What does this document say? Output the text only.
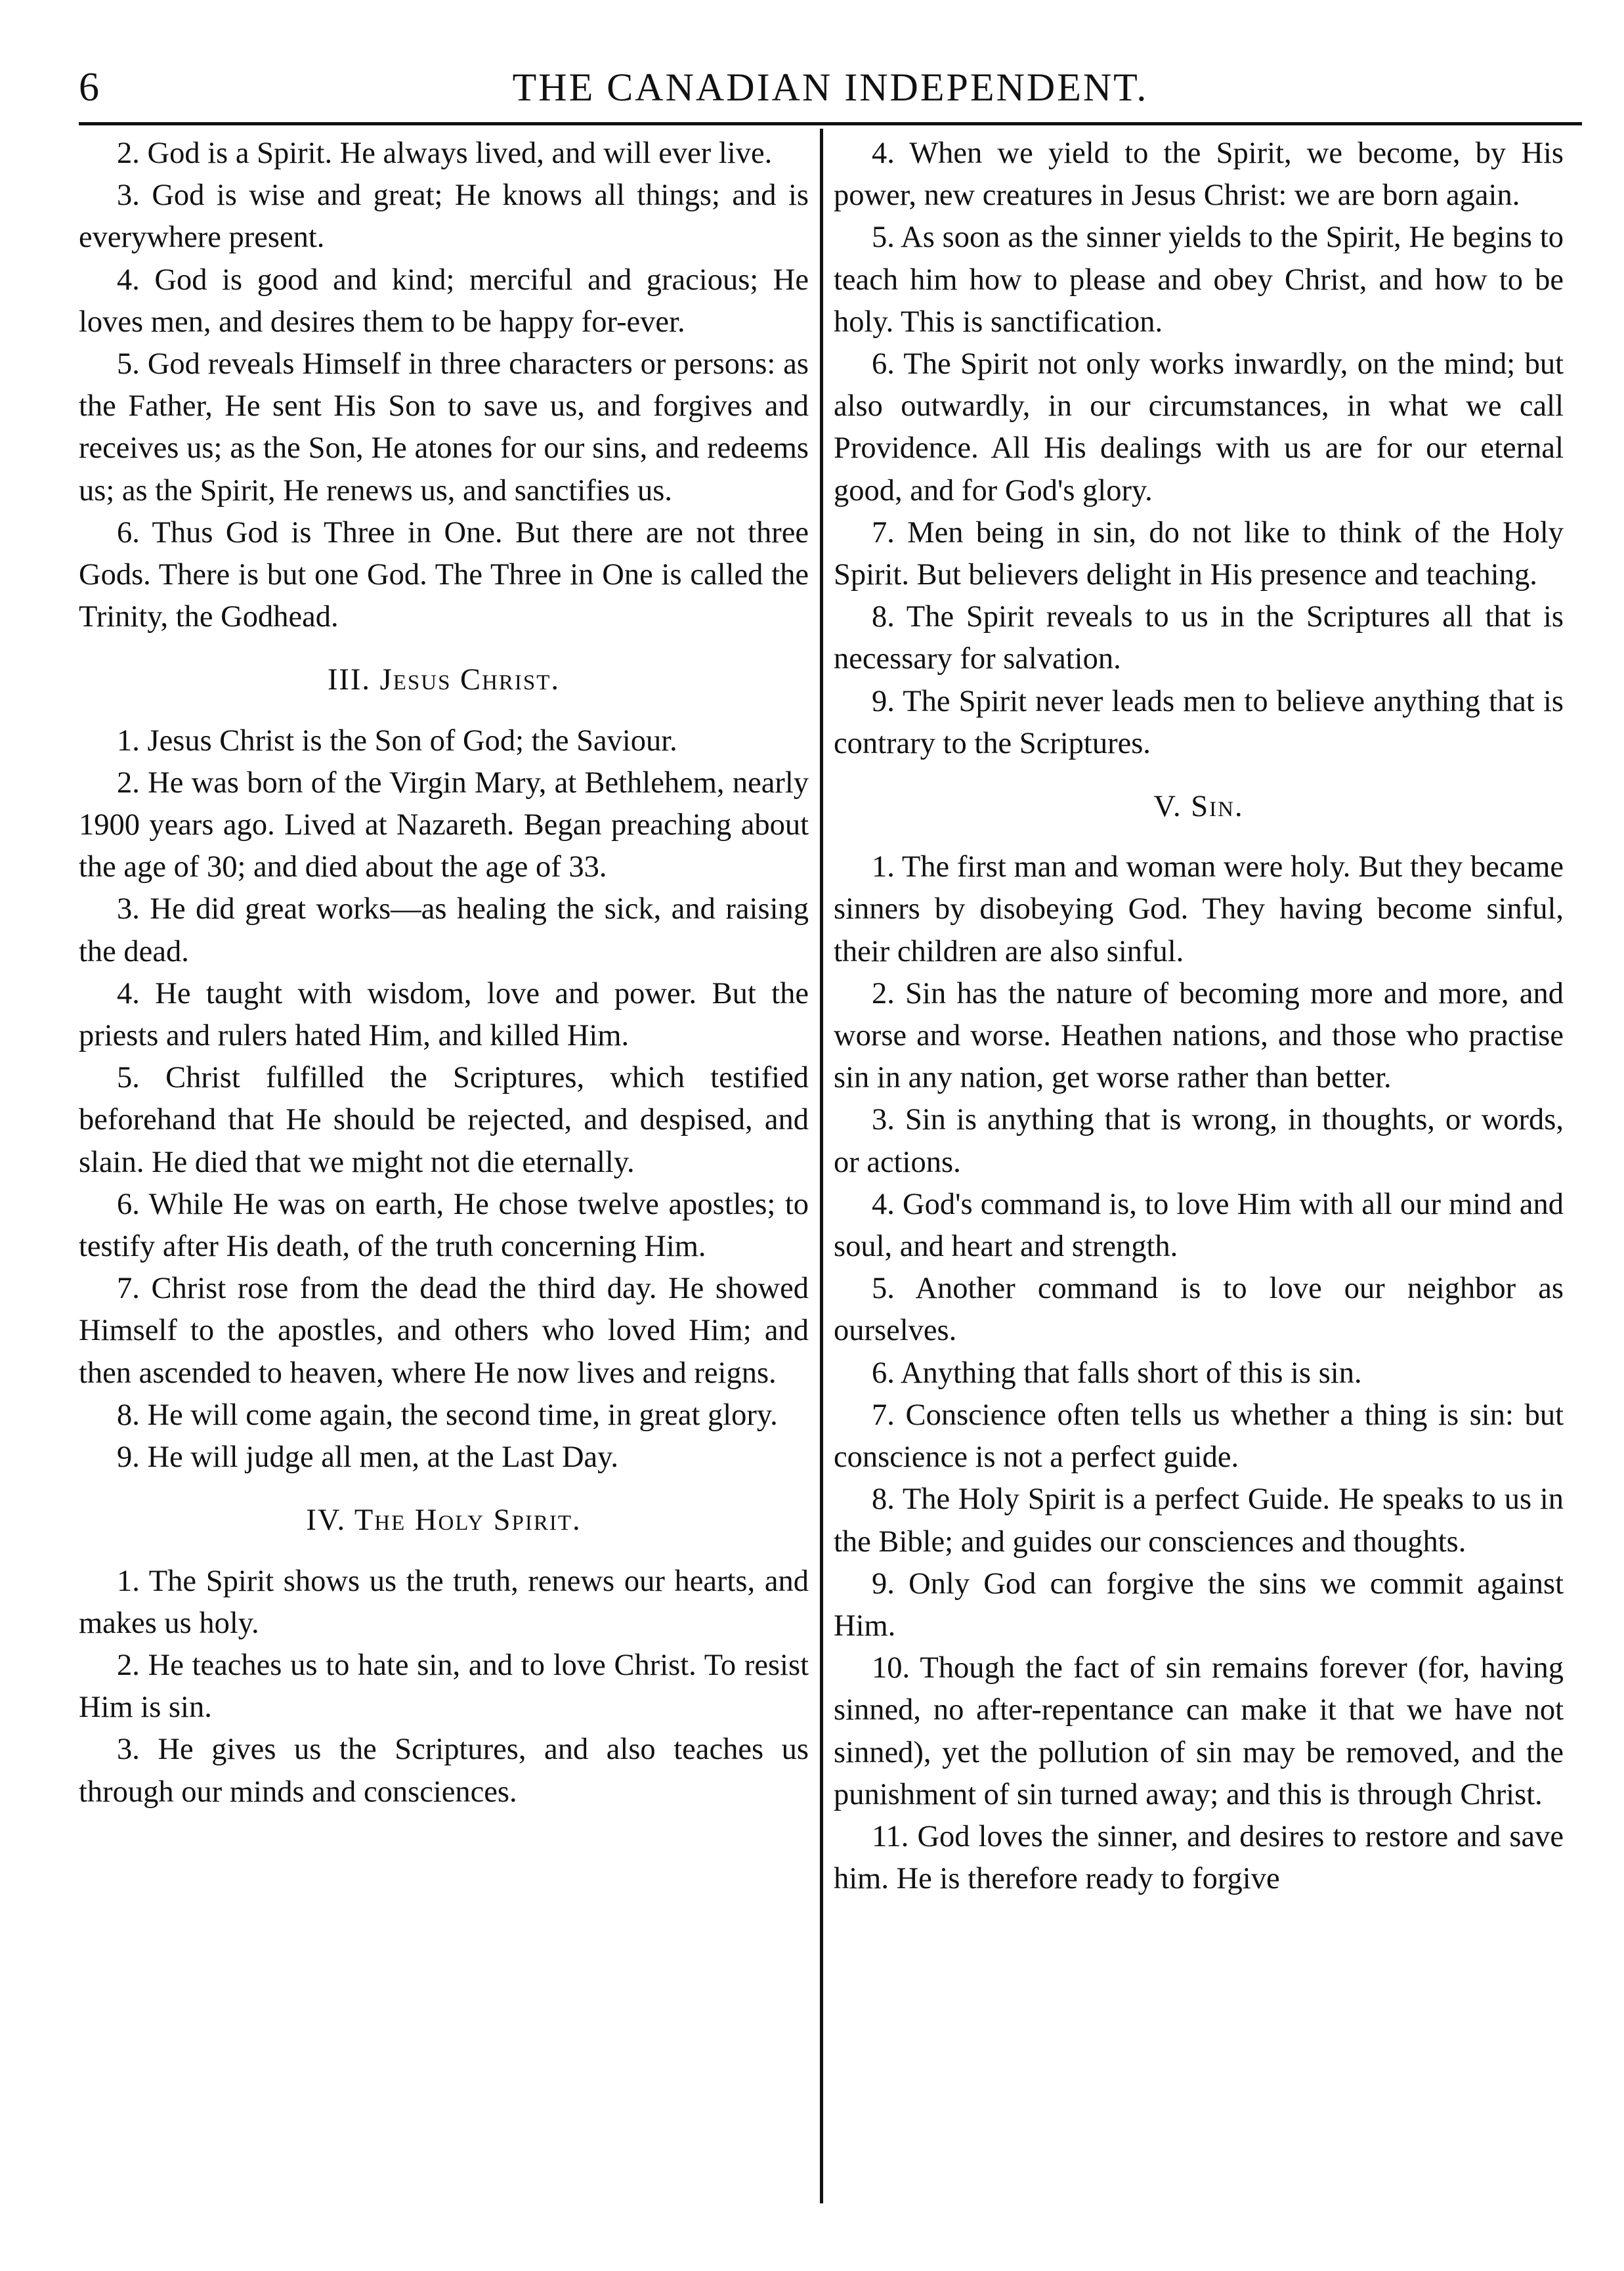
6	THE CANADIAN INDEPENDENT.

2. God is a Spirit. He always lived, and will ever live.

3. God is wise and great; He knows all things; and is everywhere present.

4. God is good and kind; merciful and gracious; He loves men, and desires them to be happy for-ever.

5. God reveals Himself in three characters or persons: as the Father, He sent His Son to save us, and forgives and receives us; as the Son, He atones for our sins, and redeems us; as the Spirit, He renews us, and sanctifies us.

6. Thus God is Three in One. But there are not three Gods. There is but one God. The Three in One is called the Trinity, the Godhead.

III. Jesus Christ.

1. Jesus Christ is the Son of God; the Saviour.

2. He was born of the Virgin Mary, at Bethlehem, nearly 1900 years ago. Lived at Nazareth. Began preaching about the age of 30; and died about the age of 33.

3. He did great works—as healing the sick, and raising the dead.

4. He taught with wisdom, love and power. But the priests and rulers hated Him, and killed Him.

5. Christ fulfilled the Scriptures, which testified beforehand that He should be rejected, and despised, and slain. He died that we might not die eternally.

6. While He was on earth, He chose twelve apostles; to testify after His death, of the truth concerning Him.

7. Christ rose from the dead the third day. He showed Himself to the apostles, and others who loved Him; and then ascended to heaven, where He now lives and reigns.

8. He will come again, the second time, in great glory.

9. He will judge all men, at the Last Day.

IV. The Holy Spirit.

1. The Spirit shows us the truth, renews our hearts, and makes us holy.

2. He teaches us to hate sin, and to love Christ. To resist Him is sin.

3. He gives us the Scriptures, and also teaches us through our minds and consciences.

4. When we yield to the Spirit, we become, by His power, new creatures in Jesus Christ: we are born again.

5. As soon as the sinner yields to the Spirit, He begins to teach him how to please and obey Christ, and how to be holy. This is sanctification.

6. The Spirit not only works inwardly, on the mind; but also outwardly, in our circumstances, in what we call Providence. All His dealings with us are for our eternal good, and for God's glory.

7. Men being in sin, do not like to think of the Holy Spirit. But believers delight in His presence and teaching.

8. The Spirit reveals to us in the Scriptures all that is necessary for salvation.

9. The Spirit never leads men to believe anything that is contrary to the Scriptures.

V. Sin.

1. The first man and woman were holy. But they became sinners by disobeying God. They having become sinful, their children are also sinful.

2. Sin has the nature of becoming more and more, and worse and worse. Heathen nations, and those who practise sin in any nation, get worse rather than better.

3. Sin is anything that is wrong, in thoughts, or words, or actions.

4. God's command is, to love Him with all our mind and soul, and heart and strength.

5. Another command is to love our neighbor as ourselves.

6. Anything that falls short of this is sin.

7. Conscience often tells us whether a thing is sin: but conscience is not a perfect guide.

8. The Holy Spirit is a perfect Guide. He speaks to us in the Bible; and guides our consciences and thoughts.

9. Only God can forgive the sins we commit against Him.

10. Though the fact of sin remains forever (for, having sinned, no after-repentance can make it that we have not sinned), yet the pollution of sin may be removed, and the punishment of sin turned away; and this is through Christ.

11. God loves the sinner, and desires to restore and save him. He is therefore ready to forgive
